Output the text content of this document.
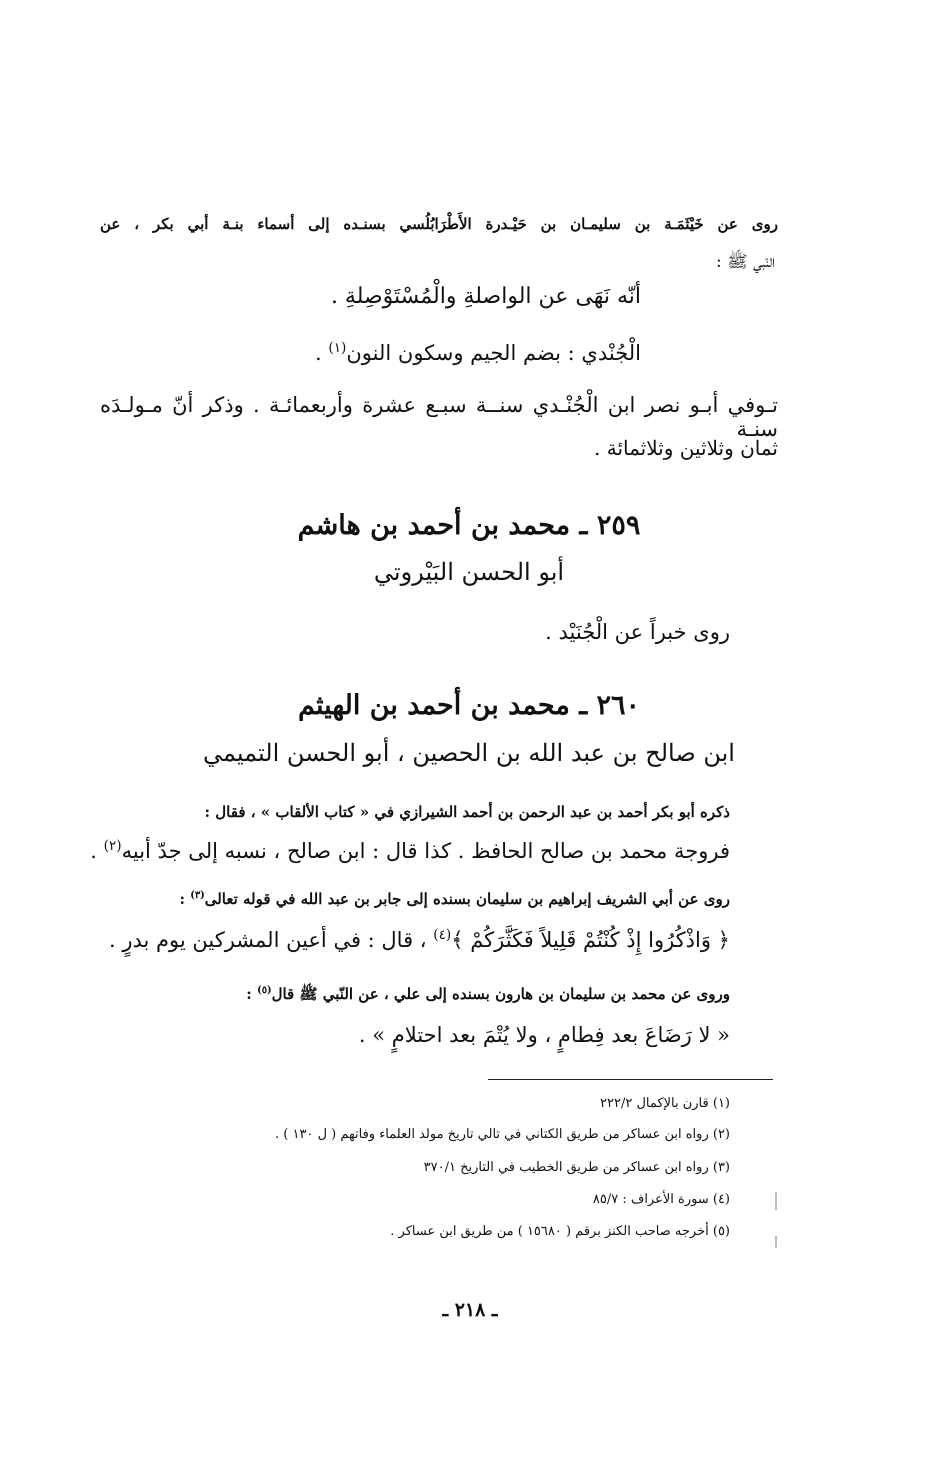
روى عن خَيْثَمَـة بن سليمـان بن حَيْـدرة الأَطْرَابُلُسي بسنـده إلى أسماء بنـة أبي بكر ، عن
النّبي ﷺ :
أنّه نَهَى عن الواصلةِ والْمُسْتَوْصِلةِ .
الْجُنْدي : بضم الجيم وسكون النون$^{(١)}$ .
تـوفي أبـو نصر ابن الْجُنْـدي سنــة سبـع عشرة وأربعمائـة . وذكر أنّ مـولـدَه سنـة
ثمان وثلاثين وثلاثمائة .
٢٥٩ ـ محمد بن أحمد بن هاشم
أبو الحسن البَيْروتي
روى خبراً عن الْجُنَيْد .
٢٦٠ ـ محمد بن أحمد بن الهيثم
ابن صالح بن عبد الله بن الحصين ، أبو الحسن التميمي
ذكره أبو بكر أحمد بن عبد الرحمن بن أحمد الشيرازي في « كتاب الألقاب » ، فقال :
فروجة محمد بن صالح الحافظ . كذا قال : ابن صالح ، نسبه إلى جدّ أبيه$^{(٢)}$ .
روى عن أبي الشريف إبراهيم بن سليمان بسنده إلى جابر بن عبد الله في قوله تعالى$^{(٣)}$ :
﴿ وَاذْكُرُوا إِذْ كُنْتُمْ قَلِيلاً فَكَثَّرَكُمْ ﴾$^{(٤)}$ ، قال : في أعين المشركين يوم بدرٍ .
وروى عن محمد بن سليمان بن هارون بسنده إلى علي ، عن النّبي ﷺ قال$^{(٥)}$ :
« لا رَضَاعَ بعد فِطامٍ ، ولا يُتْمَ بعد احتلامٍ » .
(١) قارن بالإكمال ٢٢٢/٢
(٢) رواه ابن عساكر من طريق الكتاني في تالي تاريخ مولد العلماء وفاتهم ( ل ١٣٠ ) .
(٣) رواه ابن عساكر من طريق الخطيب في التاريخ ٣٧٠/١
(٤) سورة الأعراف : ٨٥/٧
(٥) أخرجه صاحب الكنز برقم ( ١٥٦٨٠ ) من طريق ابن عساكر .
ـ ٢١٨ ـ
